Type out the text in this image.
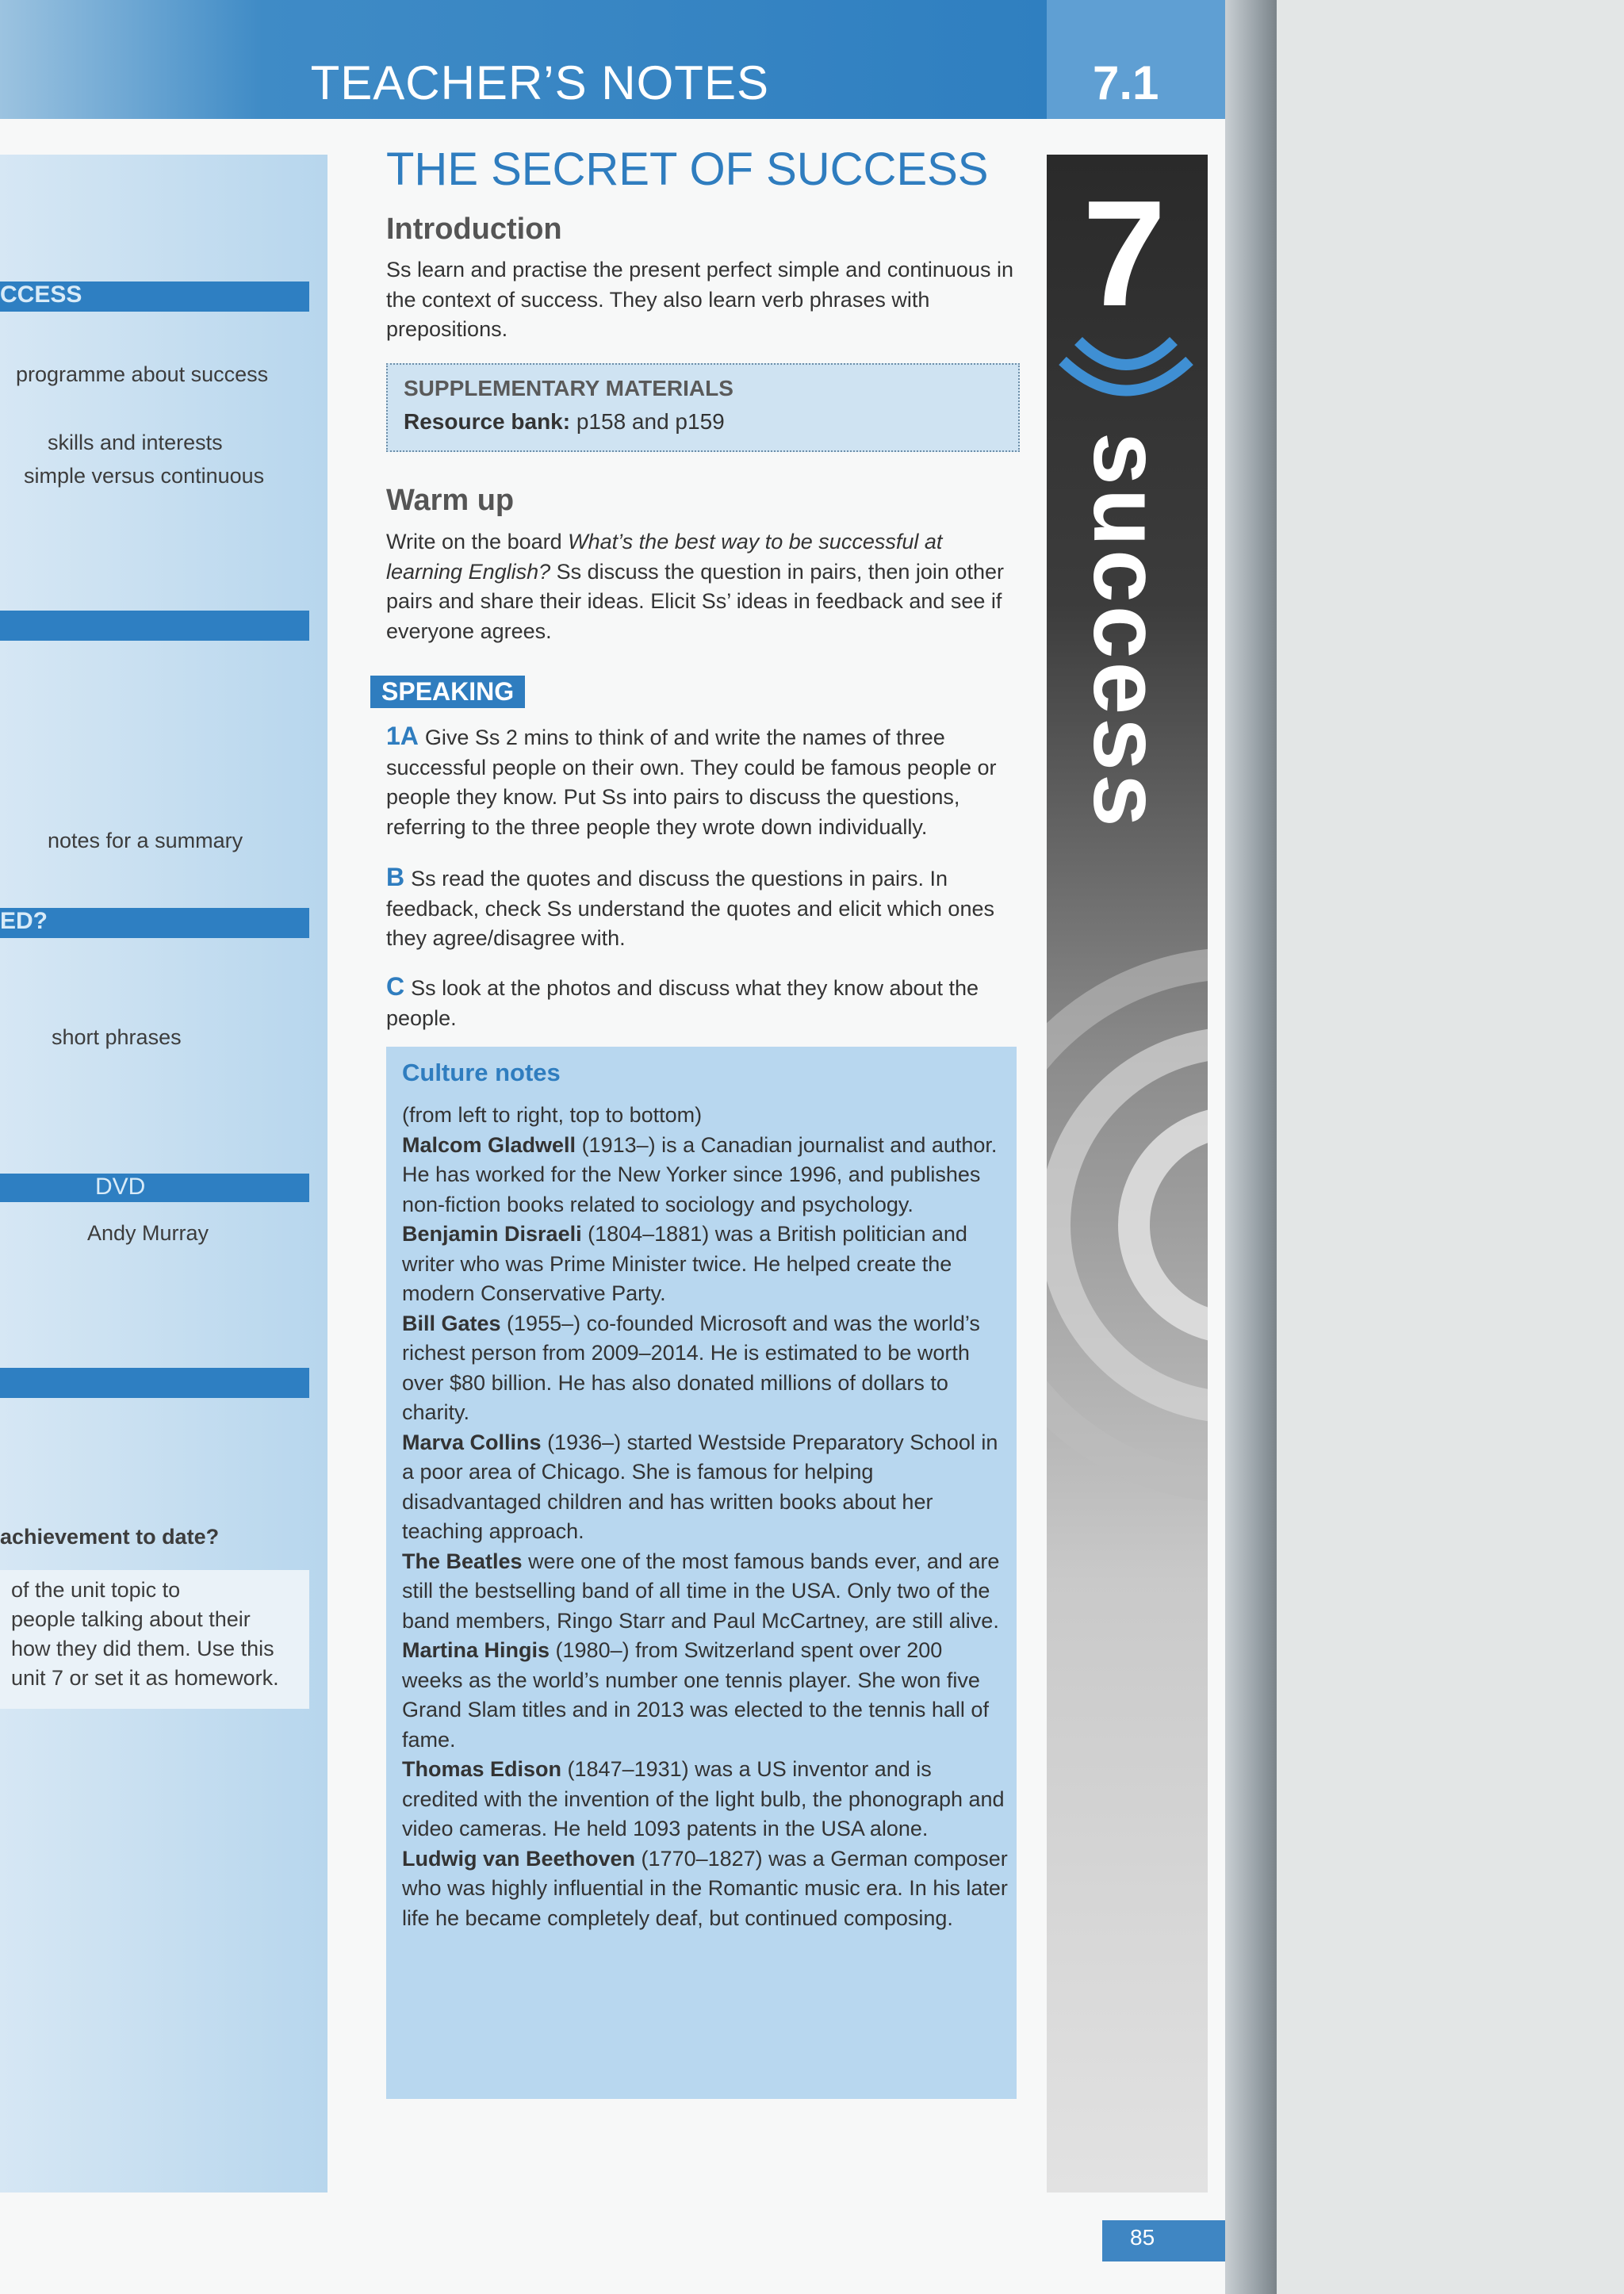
TEACHER’S NOTES	7.1
CCESS
programme about success
skills and interests
simple versus continuous
notes for a summary
ED?
short phrases
DVD
Andy Murray
achievement to date?
of the unit topic to
people talking about their
how they did them. Use this
unit 7 or set it as homework.
7
success
85
THE SECRET OF SUCCESS
Introduction
Ss learn and practise the present perfect simple and continuous in the context of success. They also learn verb phrases with prepositions.
SUPPLEMENTARY MATERIALS
Resource bank: p158 and p159
Warm up
Write on the board What’s the best way to be successful at learning English? Ss discuss the question in pairs, then join other pairs and share their ideas. Elicit Ss’ ideas in feedback and see if everyone agrees.
SPEAKING
1A Give Ss 2 mins to think of and write the names of three successful people on their own. They could be famous people or people they know. Put Ss into pairs to discuss the questions, referring to the three people they wrote down individually.
B Ss read the quotes and discuss the questions in pairs. In feedback, check Ss understand the quotes and elicit which ones they agree/disagree with.
C Ss look at the photos and discuss what they know about the people.
Culture notes

(from left to right, top to bottom)

Malcom Gladwell (1913–) is a Canadian journalist and author. He has worked for the New Yorker since 1996, and publishes non-fiction books related to sociology and psychology.

Benjamin Disraeli (1804–1881) was a British politician and writer who was Prime Minister twice. He helped create the modern Conservative Party.

Bill Gates (1955–) co-founded Microsoft and was the world’s richest person from 2009–2014. He is estimated to be worth over $80 billion. He has also donated millions of dollars to charity.

Marva Collins (1936–) started Westside Preparatory School in a poor area of Chicago. She is famous for helping disadvantaged children and has written books about her teaching approach.

The Beatles were one of the most famous bands ever, and are still the bestselling band of all time in the USA. Only two of the band members, Ringo Starr and Paul McCartney, are still alive.

Martina Hingis (1980–) from Switzerland spent over 200 weeks as the world’s number one tennis player. She won five Grand Slam titles and in 2013 was elected to the tennis hall of fame.

Thomas Edison (1847–1931) was a US inventor and is credited with the invention of the light bulb, the phonograph and video cameras. He held 1093 patents in the USA alone.

Ludwig van Beethoven (1770–1827) was a German composer who was highly influential in the Romantic music era. In his later life he became completely deaf, but continued composing.
